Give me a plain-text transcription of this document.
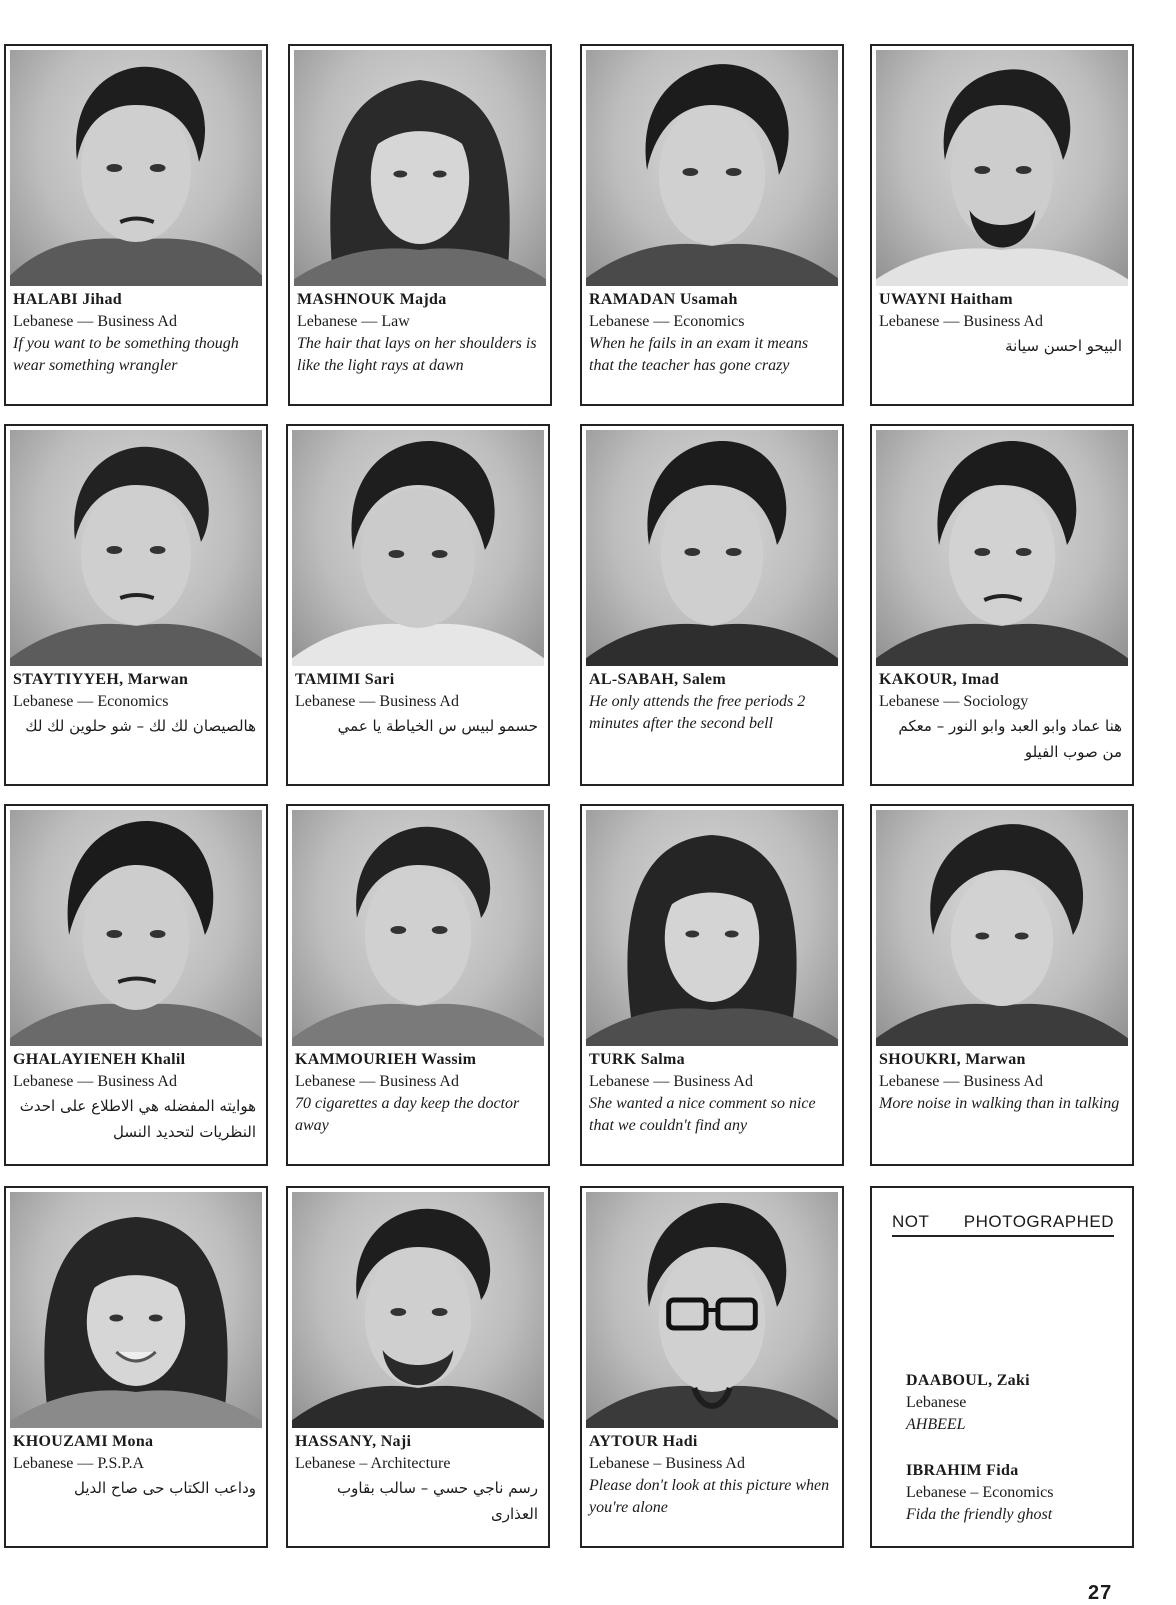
HALABI Jihad
Lebanese — Business Ad
If you want to be something though wear something wrangler
MASHNOUK Majda
Lebanese — Law
The hair that lays on her shoulders is like the light rays at dawn
RAMADAN Usamah
Lebanese — Economics
When he fails in an exam it means that the teacher has gone crazy
UWAYNI Haitham
Lebanese — Business Ad
البيحو احسن سيانة
STAYTIYYEH, Marwan
Lebanese — Economics
هالصيصان لك لك – شو حلوين لك لك
TAMIMI Sari
Lebanese — Business Ad
حسمو لبيس س الخياطة يا عمي
AL-SABAH, Salem
He only attends the free periods 2 minutes after the second bell
KAKOUR, Imad
Lebanese — Sociology
هنا عماد وابو العبد وابو النور – معكم من صوب الفيلو
GHALAYIENEH Khalil
Lebanese — Business Ad
هوايته المفضله هي الاطلاع على احدث النظريات لتحديد النسل
KAMMOURIEH Wassim
Lebanese — Business Ad
70 cigarettes a day keep the doctor away
TURK Salma
Lebanese — Business Ad
She wanted a nice comment so nice that we couldn't find any
SHOUKRI, Marwan
Lebanese — Business Ad
More noise in walking than in talking
KHOUZAMI Mona
Lebanese — P.S.P.A
وداعب الكتاب حى صاح الديل
HASSANY, Naji
Lebanese – Architecture
رسم ناجي حسي – سالب بقاوب العذارى
AYTOUR Hadi
Lebanese – Business Ad
Please don't look at this picture when you're alone
NOT PHOTOGRAPHED
DAABOUL, Zaki
Lebanese
AHBEEL
IBRAHIM Fida
Lebanese – Economics
Fida the friendly ghost
27
